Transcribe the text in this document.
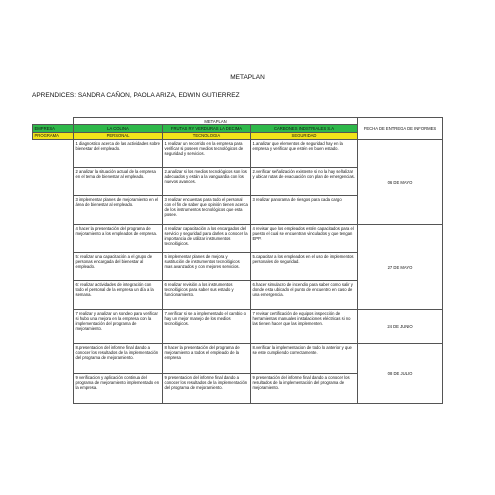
METAPLAN
APRENDICES: SANDRA CAÑON, PAOLA ARIZA, EDWIN GUTIERREZ
	METAPLAN			FECHA DE ENTREGA DE INFORMES
EMPRESA	LA COLINA	FRUTAS RY VERDURAS LA DECIMA	CARBONES INDSTRIALES S.A	
PROGRAMA	PERSONAL	TECNOLOGIA	SEGURIDAD	
	1 diagnostico acerca de las actividades sobre bienestar del empleado.	1 realizar un recorrido en la empresa para verificar si poseen medios tecnológicos de seguridad y servicios.	1.analizar que elementos de seguridad hay en la empresa y verificar que estén en buen estado.	06 DE MAYO
	2 analizar la situación actual de la empresa en el tema de bienestar al empleado.	2.analizar si los medios tecnológicos son los adecuados y están a la vanguardia con los nuevos avances.	2.verificar señalización existente si no la hay señalizar y ubicar rutas de evacuación con plan de emergencias.	
	3 implementar planes de mejoramiento en el área de bienestar al empleado.	3 realizar encuestas para todo el personal con el fin de saber que opinión tienen acerca de los instrumentos tecnológicos que esta posee.	3 realizar panorama de riesgos para cada cargo	
	4 hacer la presentación del programa de mejoramiento a los empleados de empresa.	4 realizar capacitación a los encargados del servicio y seguridad para darles a conocer la importancia de utilizar instrumentos tecnológicos.	4 revisar que los empleados estén capacitados para el puesto el cual se encuentran vinculados y que tengan EPP.	27 DE MAYO
	5: realizar una capacitación a el grupo de personas encargada del bienestar al empleado.	5 implementar planes de mejora y sustitución de instrumentos tecnológicos mas avanzados y con mejores servicios.	5.capacitar a los empleados en el uso de implementos personales de seguridad.	
	6: realizar actividades de integración con todo el personal de la empresa un día a la semana.	6 realizar revisión a los instrumentos tecnológicos para saber sus estado y funcionamiento.	6.hacer simulacro de incendio para saber como salir y donde esta ubicado el punto de encuentro en caso de una emergencia.	
	7 realizar y analizar un sondeo para verificar si hubo una mejora en la empresa con la implementación del programa de mejoramiento.	7.verificar si se a implementado el cambio o hay un mejor manejo de los medios tecnológicos.	7 revisar certificación de equipos inspección de herramientas manuales instalaciones eléctricas si no las tienen hacer que las implementen.	24 DE JUNIO
	8.presentacion del informe final dando a conocer los resultados de la implementación del programa de mejoramiento.	8 hacer la presentación del programa de mejoramiento a todos el empleado de la empresa	8.verificar la implementacion de todo lo anterior y que se este cumpliendo correctamente.	08 DE JULIO
	9 verificacion y aplicación continua del programa de mejoramiento implementado en la empresa.	9 presentacion del informe final dando a conocer los resultados de la implementación del programa de mejoramiento.	9 presentación del informe final dando a conocer los resultados de la implementación del programa de mejoramiento.	
